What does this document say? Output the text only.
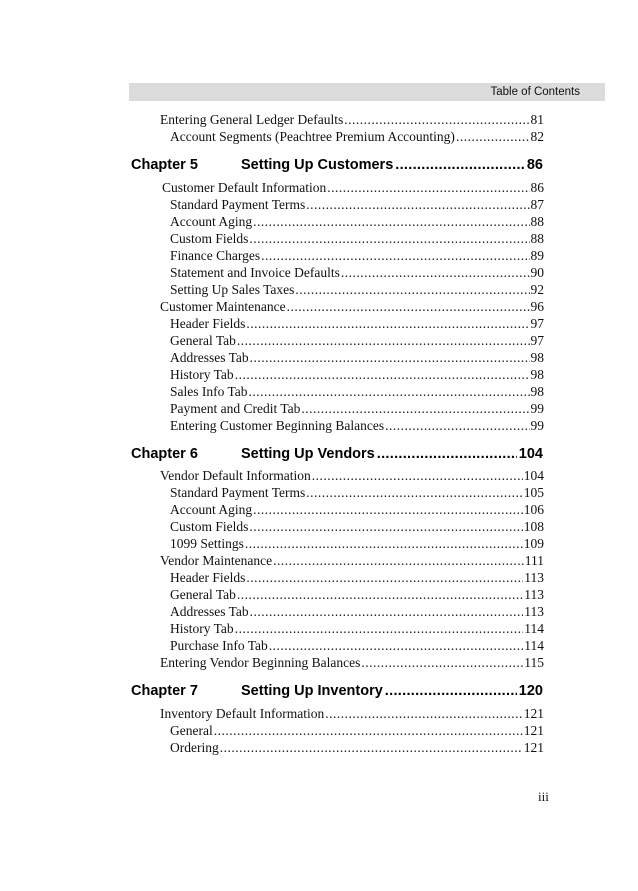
Table of Contents
Entering General Ledger Defaults .....	81
Account Segments (Peachtree Premium Accounting) .....	82
Chapter 5	Setting Up Customers .....	86
Customer Default Information .....	86
Standard Payment Terms .....	87
Account Aging .....	88
Custom Fields .....	88
Finance Charges .....	89
Statement and Invoice Defaults .....	90
Setting Up Sales Taxes .....	92
Customer Maintenance .....	96
Header Fields .....	97
General Tab .....	97
Addresses Tab .....	98
History Tab .....	98
Sales Info Tab .....	98
Payment and Credit Tab .....	99
Entering Customer Beginning Balances .....	99
Chapter 6	Setting Up Vendors .....	104
Vendor Default Information .....	104
Standard Payment Terms .....	105
Account Aging .....	106
Custom Fields .....	108
1099 Settings .....	109
Vendor Maintenance .....	111
Header Fields .....	113
General Tab .....	113
Addresses Tab .....	113
History Tab .....	114
Purchase Info Tab .....	114
Entering Vendor Beginning Balances .....	115
Chapter 7	Setting Up Inventory .....	120
Inventory Default Information .....	121
General .....	121
Ordering .....	121
iii
